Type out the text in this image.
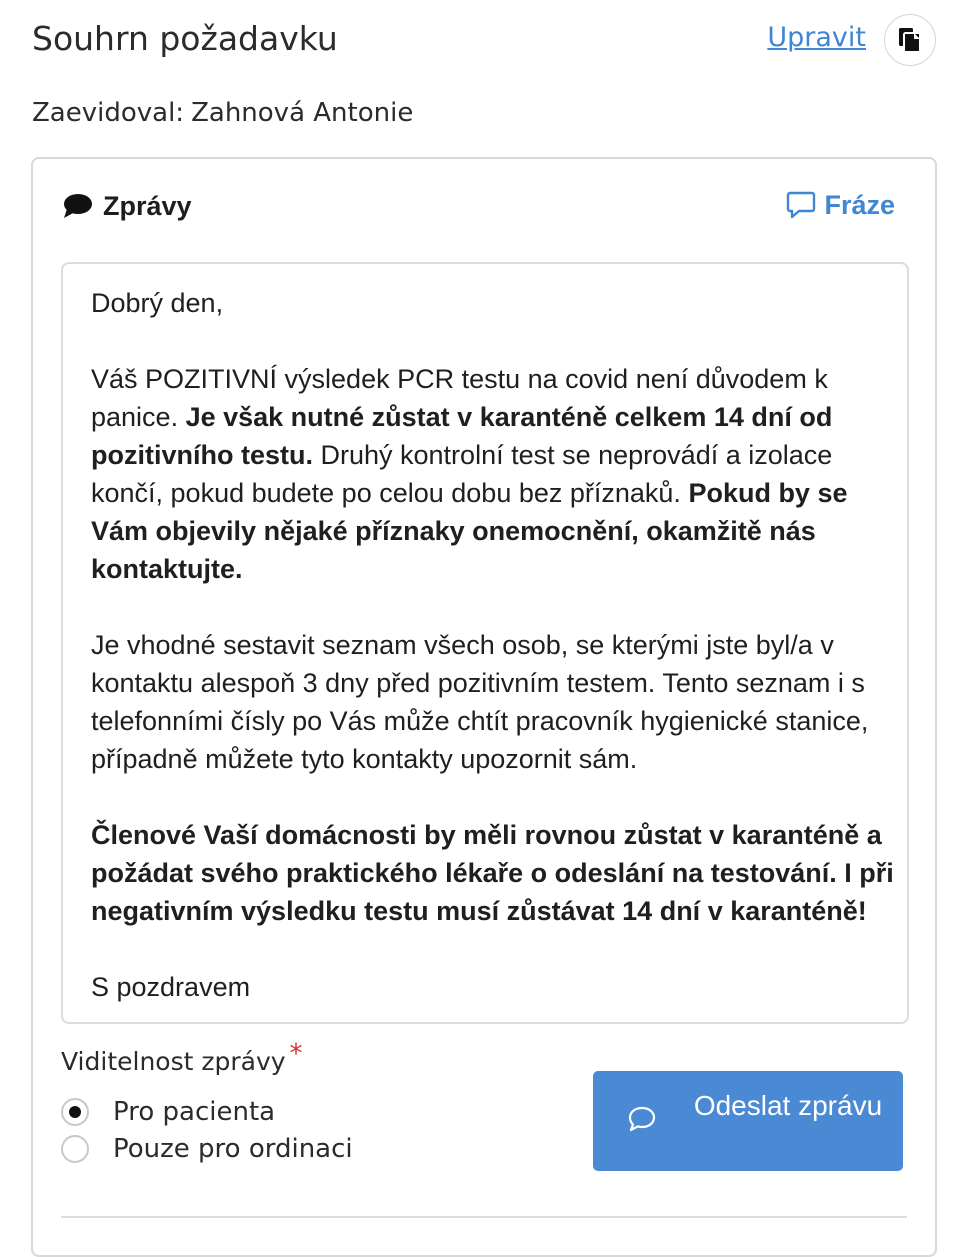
Souhrn požadavku	Upravit
Zaevidoval: Zahnová Antonie
Zprávy	Fráze

Dobrý den,

Váš POZITIVNÍ výsledek PCR testu na covid není důvodem k
panice. Je však nutné zůstat v karanténě celkem 14 dní od
pozitivního testu. Druhý kontrolní test se neprovádí a izolace
končí, pokud budete po celou dobu bez příznaků. Pokud by se
Vám objevily nějaké příznaky onemocnění, okamžitě nás
kontaktujte.

Je vhodné sestavit seznam všech osob, se kterými jste byl/a v
kontaktu alespoň 3 dny před pozitivním testem. Tento seznam i s
telefonními čísly po Vás může chtít pracovník hygienické stanice,
případně můžete tyto kontakty upozornit sám.

Členové Vaší domácnosti by měli rovnou zůstat v karanténě a
požádat svého praktického lékaře o odeslání na testování. I při
negativním výsledku testu musí zůstávat 14 dní v karanténě!

S pozdravem

Viditelnost zprávy *
Pro pacienta
Pouze pro ordinaci
Odeslat zprávu
